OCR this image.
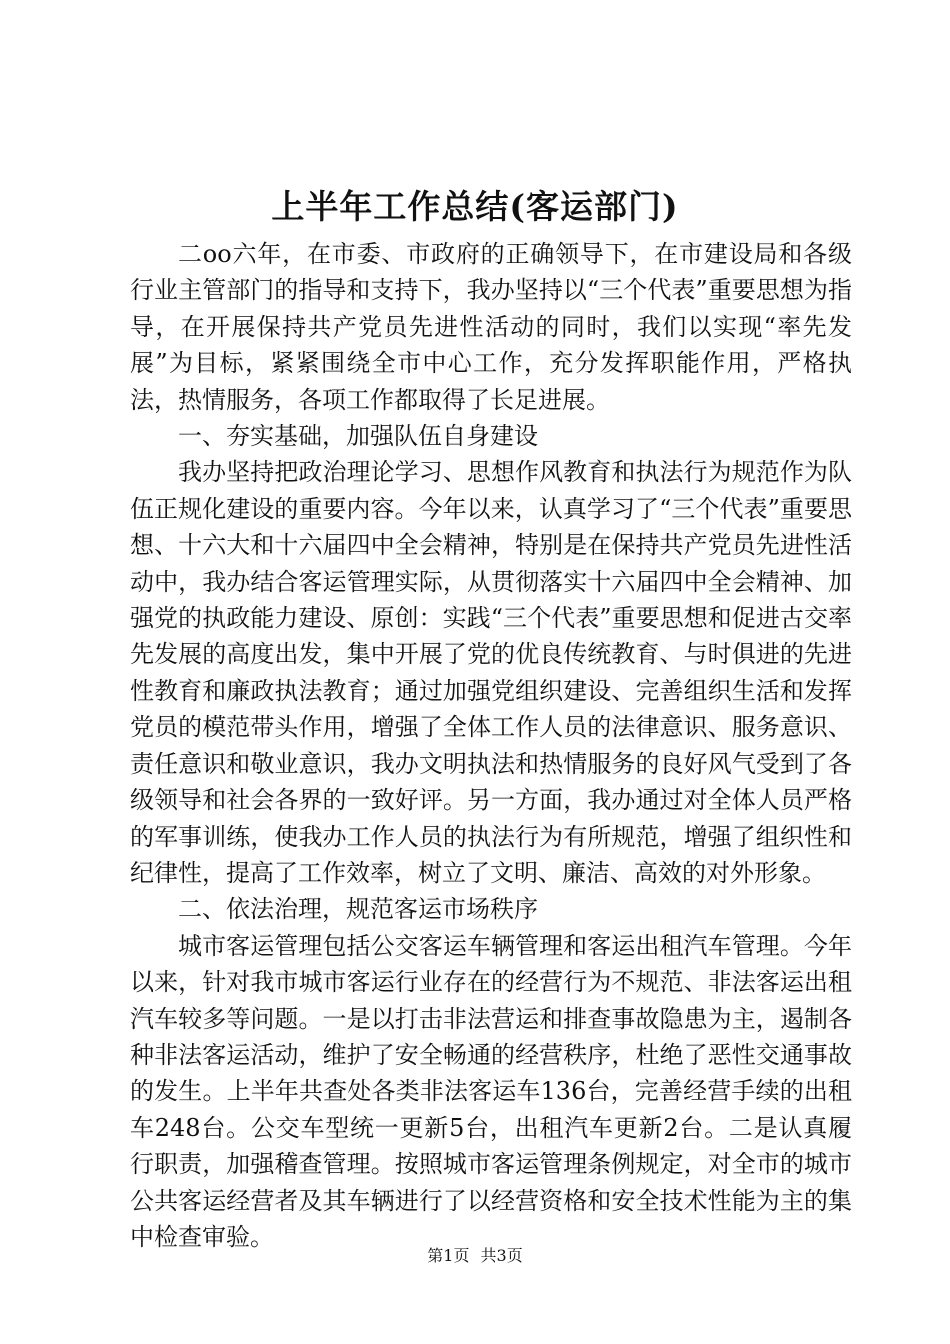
上半年工作总结(客运部门)

二oo六年，在市委、市政府的正确领导下，在市建设局和各级行业主管部门的指导和支持下，我办坚持以“三个代表”重要思想为指导，在开展保持共产党员先进性活动的同时，我们以实现“率先发展”为目标，紧紧围绕全市中心工作，充分发挥职能作用，严格执法，热情服务，各项工作都取得了长足进展。

一、夯实基础，加强队伍自身建设

我办坚持把政治理论学习、思想作风教育和执法行为规范作为队伍正规化建设的重要内容。今年以来，认真学习了“三个代表”重要思想、十六大和十六届四中全会精神，特别是在保持共产党员先进性活动中，我办结合客运管理实际，从贯彻落实十六届四中全会精神、加强党的执政能力建设、原创：实践“三个代表”重要思想和促进古交率先发展的高度出发，集中开展了党的优良传统教育、与时俱进的先进性教育和廉政执法教育；通过加强党组织建设、完善组织生活和发挥党员的模范带头作用，增强了全体工作人员的法律意识、服务意识、责任意识和敬业意识，我办文明执法和热情服务的良好风气受到了各级领导和社会各界的一致好评。另一方面，我办通过对全体人员严格的军事训练，使我办工作人员的执法行为有所规范，增强了组织性和纪律性，提高了工作效率，树立了文明、廉洁、高效的对外形象。

二、依法治理，规范客运市场秩序

城市客运管理包括公交客运车辆管理和客运出租汽车管理。今年以来，针对我市城市客运行业存在的经营行为不规范、非法客运出租汽车较多等问题。一是以打击非法营运和排查事故隐患为主，遏制各种非法客运活动，维护了安全畅通的经营秩序，杜绝了恶性交通事故的发生。上半年共查处各类非法客运车136台，完善经营手续的出租车248台。公交车型统一更新5台，出租汽车更新2台。二是认真履行职责，加强稽查管理。按照城市客运管理条例规定，对全市的城市公共客运经营者及其车辆进行了以经营资格和安全技术性能为主的集中检查审验。

第1页 共3页
